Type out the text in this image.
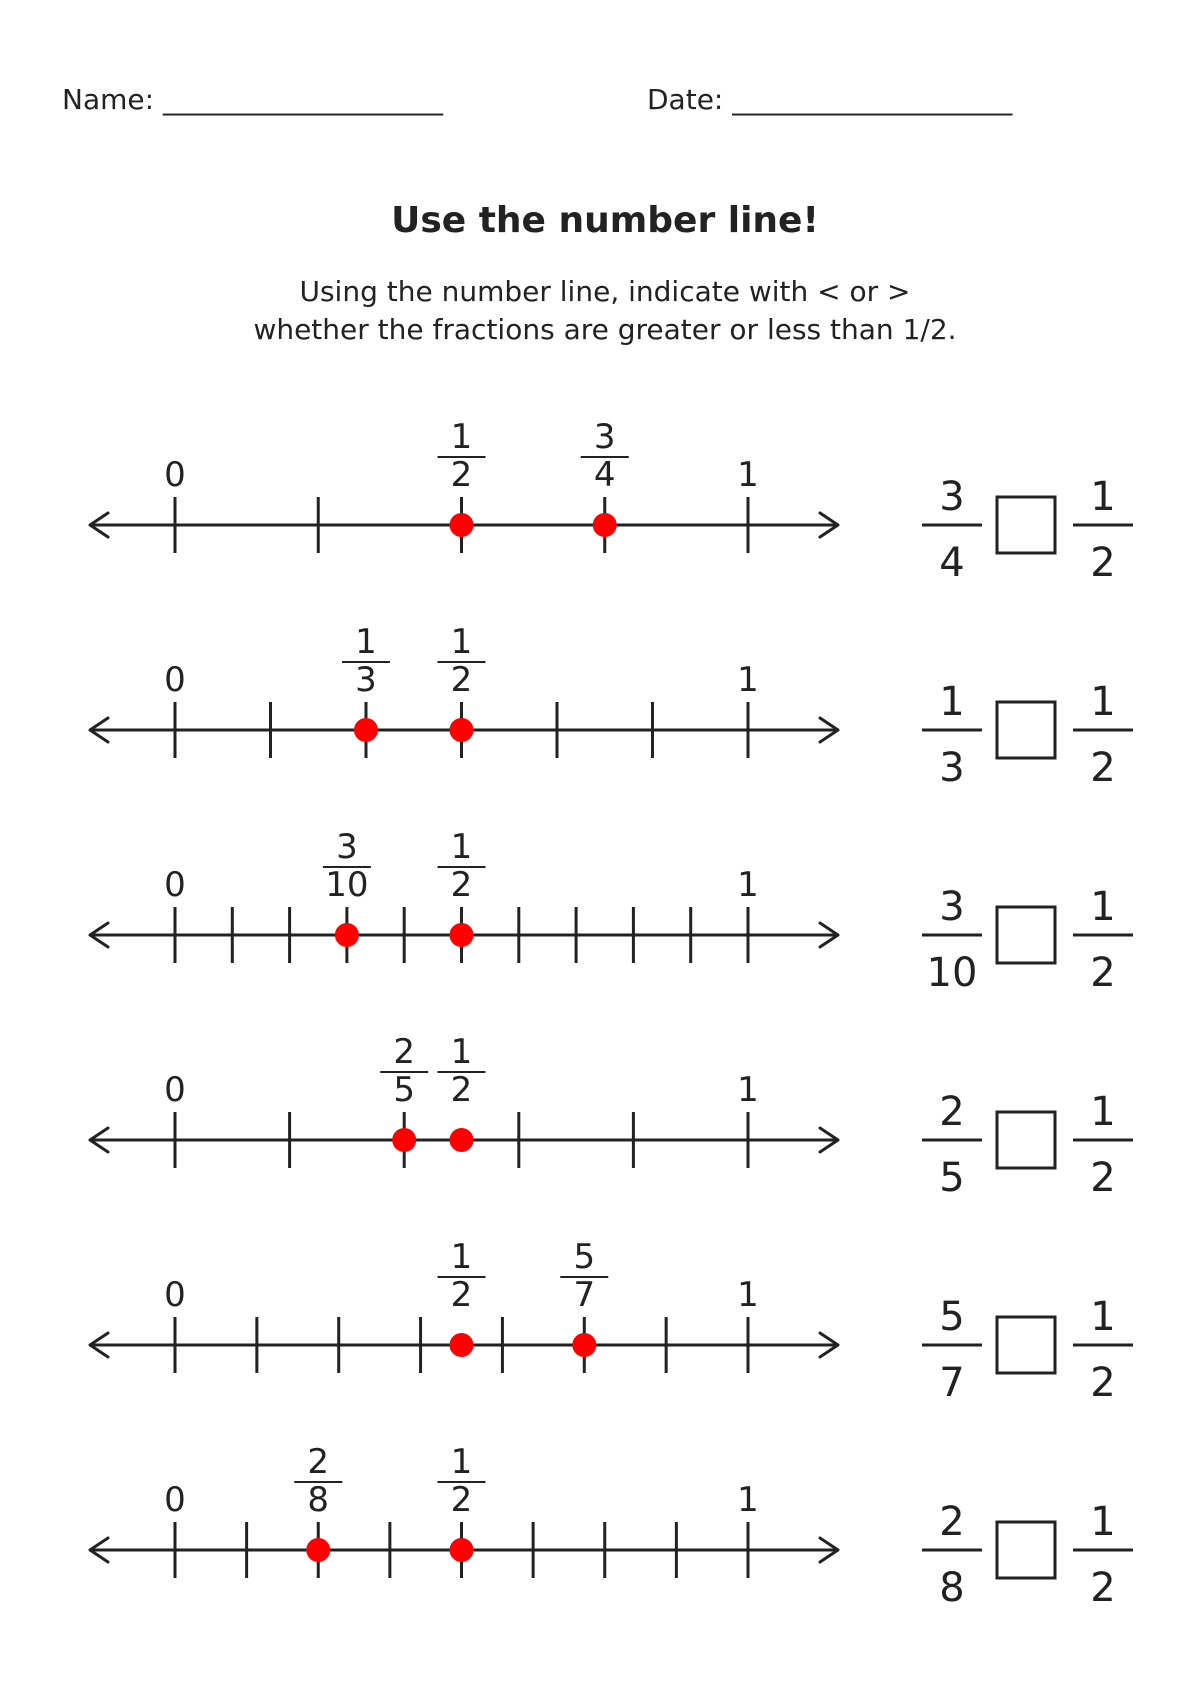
Name: ____________________	Date: ____________________
Use the number line!
Using the number line, indicate with < or >
whether the fractions are greater or less than 1/2.
0	1
1
2
3
4	3
4
1
2
0	1
1
2
1
3	1
3
1
2
0	1
1
2
3
10	3
10
1
2
0	1
1
2
2
5	2
5
1
2
0	1
1
2
5
7	5
7
1
2
0	1
1
2
2
8	2
8
1
2
